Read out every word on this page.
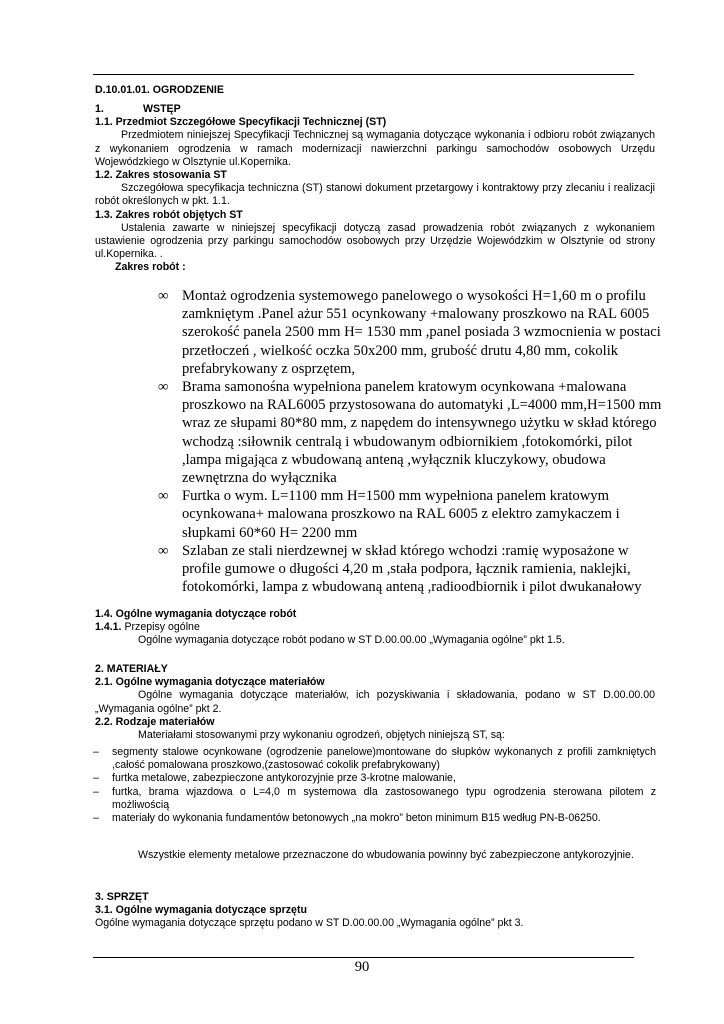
D.10.01.01. OGRODZENIE
1.	WSTĘP

1.1. Przedmiot Szczegółowe Specyfikacji Technicznej (ST)

Przedmiotem niniejszej Specyfikacji Technicznej są wymagania dotyczące wykonania i odbioru robót związanych z wykonaniem ogrodzenia w ramach modernizacji nawierzchni parkingu samochodów osobowych Urzędu Wojewódzkiego w Olsztynie ul.Kopernika.

1.2. Zakres stosowania ST

Szczegółowa specyfikacja techniczna (ST) stanowi dokument przetargowy i kontraktowy przy zlecaniu i realizacji robót określonych w pkt. 1.1.

1.3. Zakres robót objętych ST

Ustalenia zawarte w niniejszej specyfikacji dotyczą zasad prowadzenia robót związanych z wykonaniem ustawienie ogrodzenia przy parkingu samochodów osobowych przy Urzędzie Wojewódzkim w Olsztynie od strony ul.Kopernika. .

Zakres robót :

∞ Montaż ogrodzenia systemowego panelowego o wysokości H=1,60 m o profilu zamkniętym .Panel ażur 551 ocynkowany +malowany proszkowo na RAL 6005 szerokość panela 2500 mm H= 1530 mm ,panel posiada 3 wzmocnienia w postaci przetłoczeń , wielkość oczka 50x200 mm, grubość drutu 4,80 mm, cokolik prefabrykowany z osprzętem,
∞ Brama samonośna wypełniona panelem kratowym ocynkowana +malowana proszkowo na RAL6005 przystosowana do automatyki ,L=4000 mm,H=1500 mm wraz ze słupami 80*80 mm, z napędem do intensywnego użytku w skład którego wchodzą :siłownik centralą i wbudowanym odbiornikiem ,fotokomórki, pilot ,lampa migająca z wbudowaną anteną ,wyłącznik kluczykowy, obudowa zewnętrzna do wyłącznika
∞ Furtka o wym. L=1100 mm H=1500 mm wypełniona panelem kratowym ocynkowana+ malowana proszkowo na RAL 6005 z elektro zamykaczem i słupkami 60*60 H= 2200 mm
∞ Szlaban ze stali nierdzewnej w skład którego wchodzi :ramię wyposażone w profile gumowe o długości 4,20 m ,stała podpora, łącznik ramienia, naklejki, fotokomórki, lampa z wbudowaną anteną ,radioodbiornik i pilot dwukanałowy

1.4. Ogólne wymagania dotyczące robót

1.4.1. Przepisy ogólne

Ogólne wymagania dotyczące robót podano w ST D.00.00.00 „Wymagania ogólne” pkt 1.5.

2. MATERIAŁY

2.1. Ogólne wymagania dotyczące materiałów

Ogólne wymagania dotyczące materiałów, ich pozyskiwania i składowania, podano w ST D.00.00.00 „Wymagania ogólne” pkt 2.

2.2. Rodzaje materiałów

Materiałami stosowanymi przy wykonaniu ogrodzeń, objętych niniejszą ST, są:

– segmenty stalowe ocynkowane (ogrodzenie panelowe)montowane do słupków wykonanych z profili zamkniętych ,całość pomalowana proszkowo,(zastosować cokolik prefabrykowany)
– furtka metalowe, zabezpieczone antykorozyjnie prze 3-krotne malowanie,
– furtka, brama wjazdowa o L=4,0 m systemowa dla zastosowanego typu ogrodzenia sterowana pilotem z możliwością
– materiały do wykonania fundamentów betonowych „na mokro” beton minimum B15 według PN-B-06250.

Wszystkie elementy metalowe przeznaczone do wbudowania powinny być zabezpieczone antykorozyjnie.

3. SPRZĘT

3.1. Ogólne wymagania dotyczące sprzętu

Ogólne wymagania dotyczące sprzętu podano w ST D.00.00.00 „Wymagania ogólne” pkt 3.

90
